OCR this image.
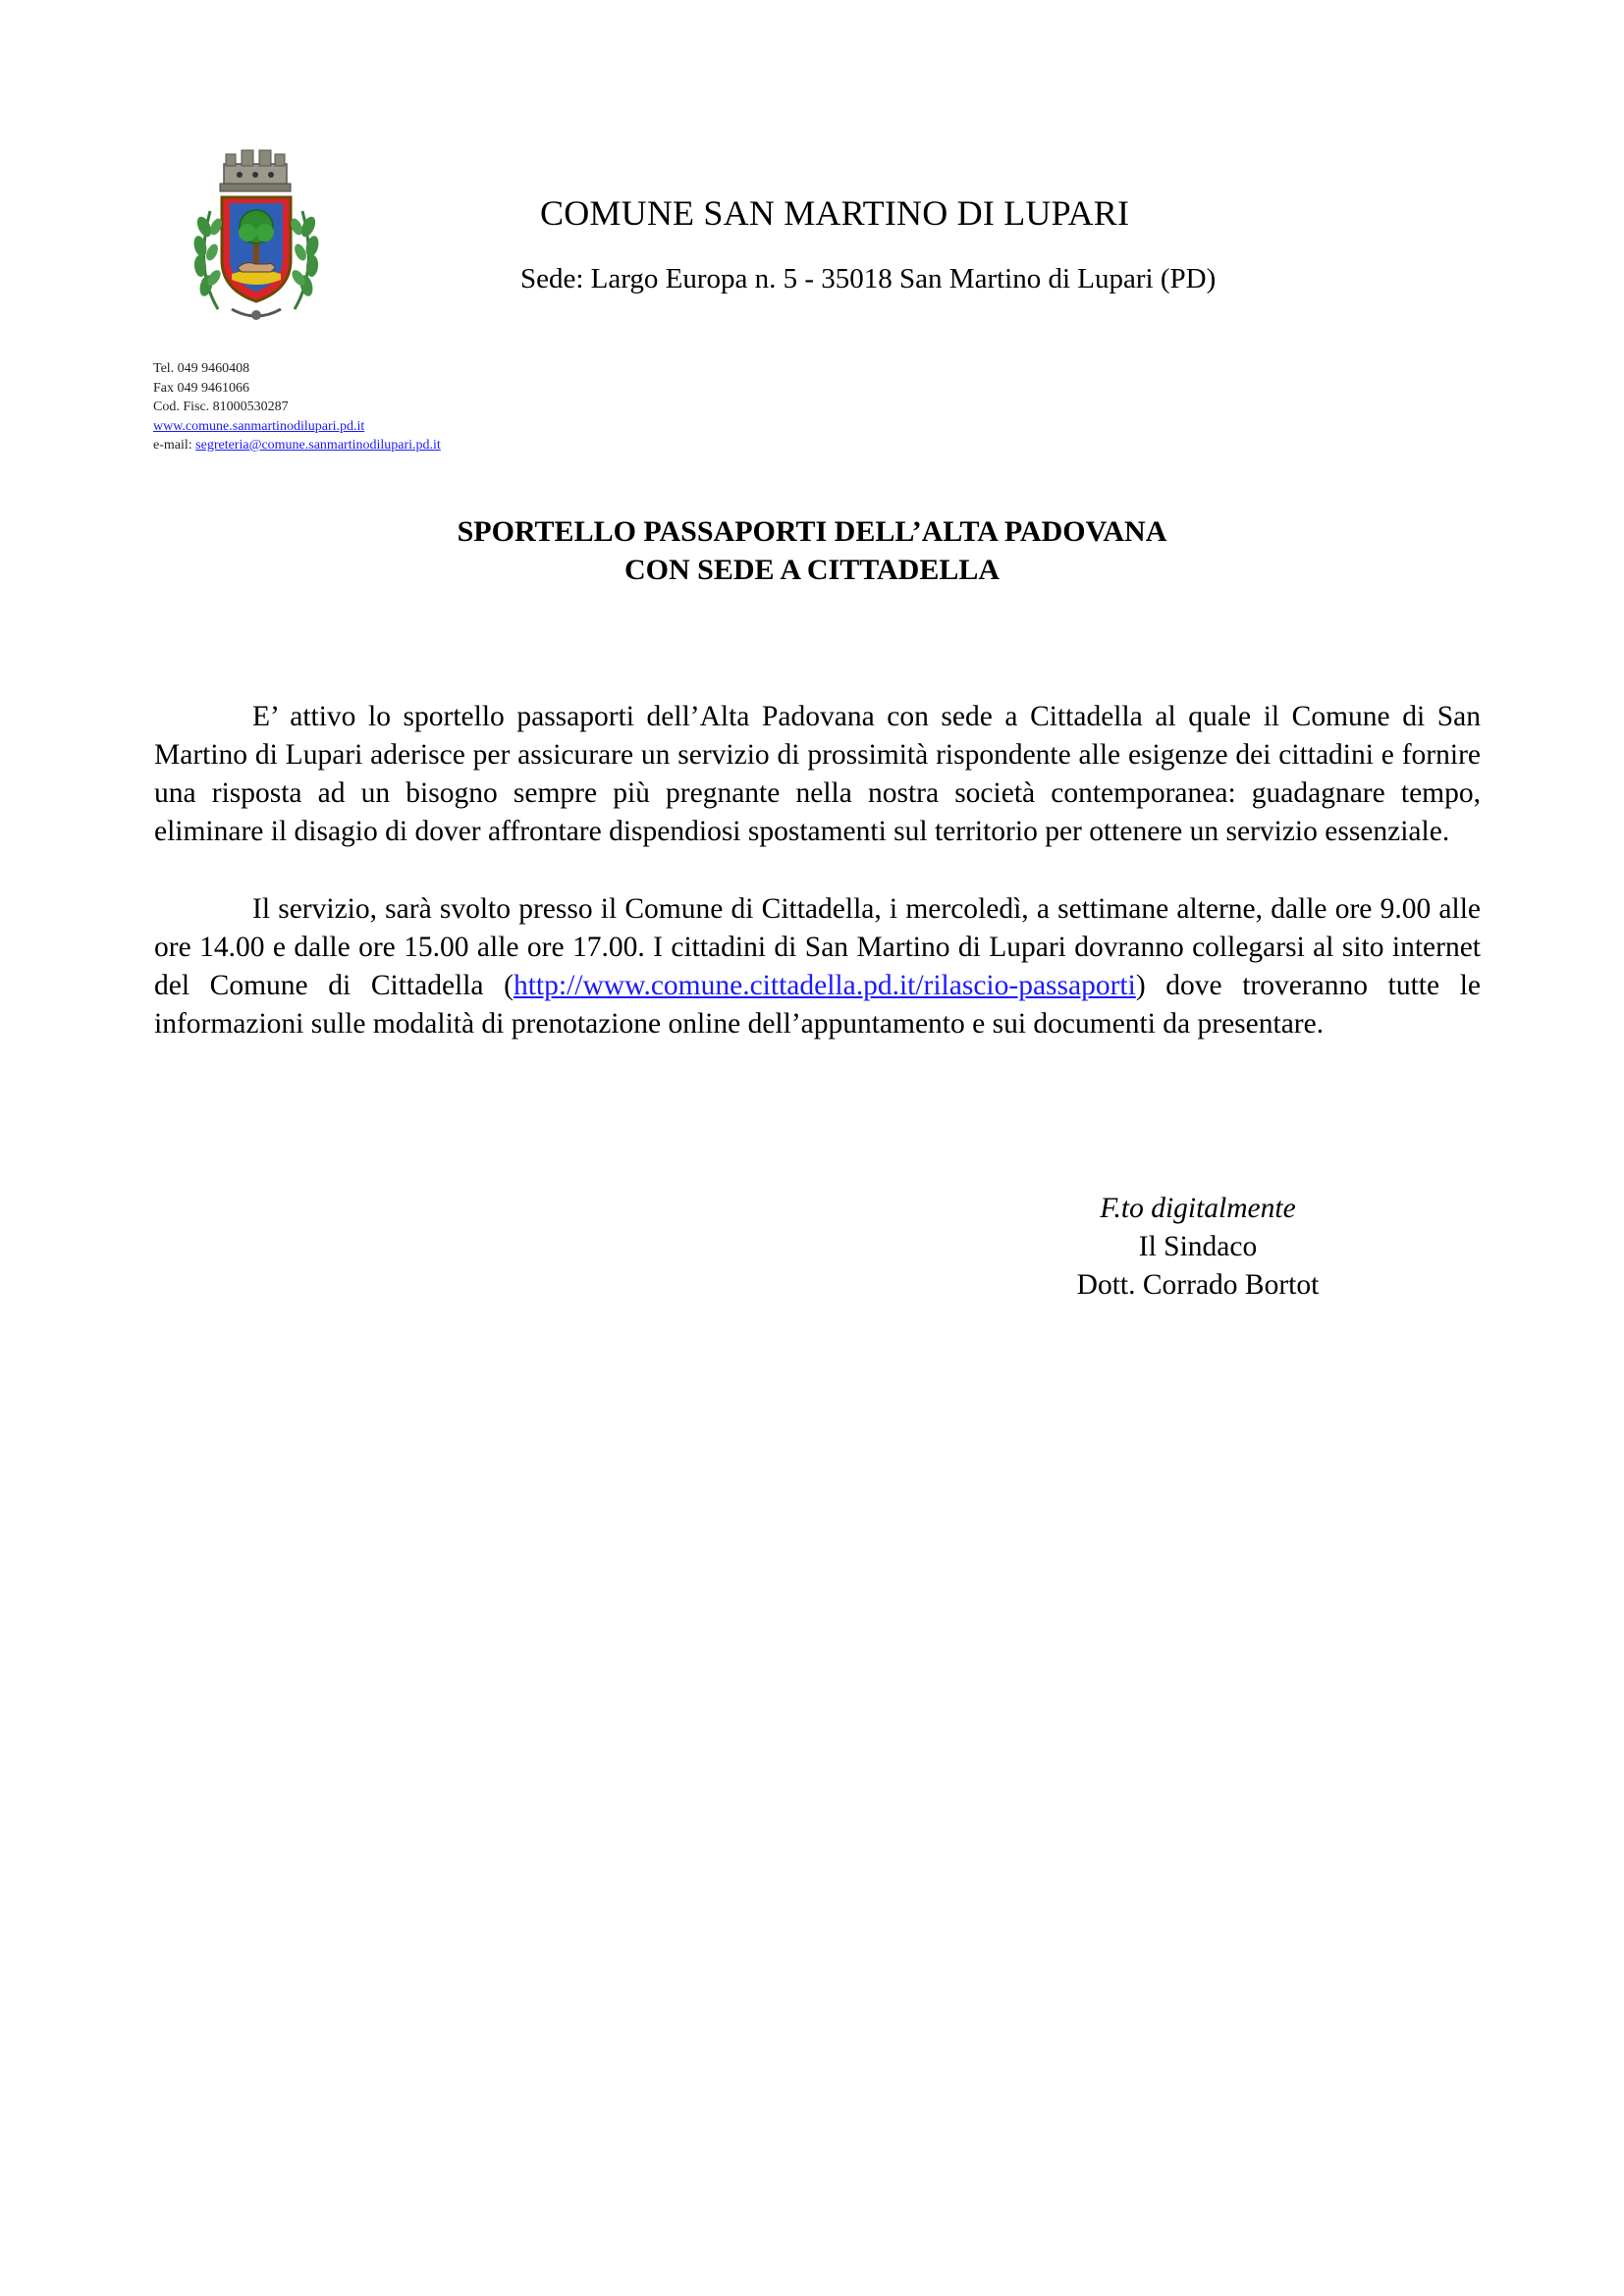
COMUNE SAN MARTINO DI LUPARI
Sede: Largo Europa n. 5 - 35018 San Martino di Lupari (PD)
Tel. 049 9460408
Fax 049 9461066
Cod. Fisc. 81000530287
www.comune.sanmartinodilupari.pd.it
e-mail: segreteria@comune.sanmartinodilupari.pd.it
SPORTELLO PASSAPORTI DELL’ALTA PADOVANA
CON SEDE A CITTADELLA

E’ attivo lo sportello passaporti dell’Alta Padovana con sede a Cittadella al quale il Comune di San Martino di Lupari aderisce per assicurare un servizio di prossimità rispondente alle esigenze dei cittadini e fornire una risposta ad un bisogno sempre più pregnante nella nostra società contemporanea: guadagnare tempo, eliminare il disagio di dover affrontare dispendiosi spostamenti sul territorio per ottenere un servizio essenziale.

Il servizio, sarà svolto presso il Comune di Cittadella, i mercoledì, a settimane alterne, dalle ore 9.00 alle ore 14.00 e dalle ore 15.00 alle ore 17.00. I cittadini di San Martino di Lupari dovranno collegarsi al sito internet del Comune di Cittadella (http://www.comune.cittadella.pd.it/rilascio-passaporti) dove troveranno tutte le informazioni sulle modalità di prenotazione online dell’appuntamento e sui documenti da presentare.

F.to digitalmente
Il Sindaco
Dott. Corrado Bortot
